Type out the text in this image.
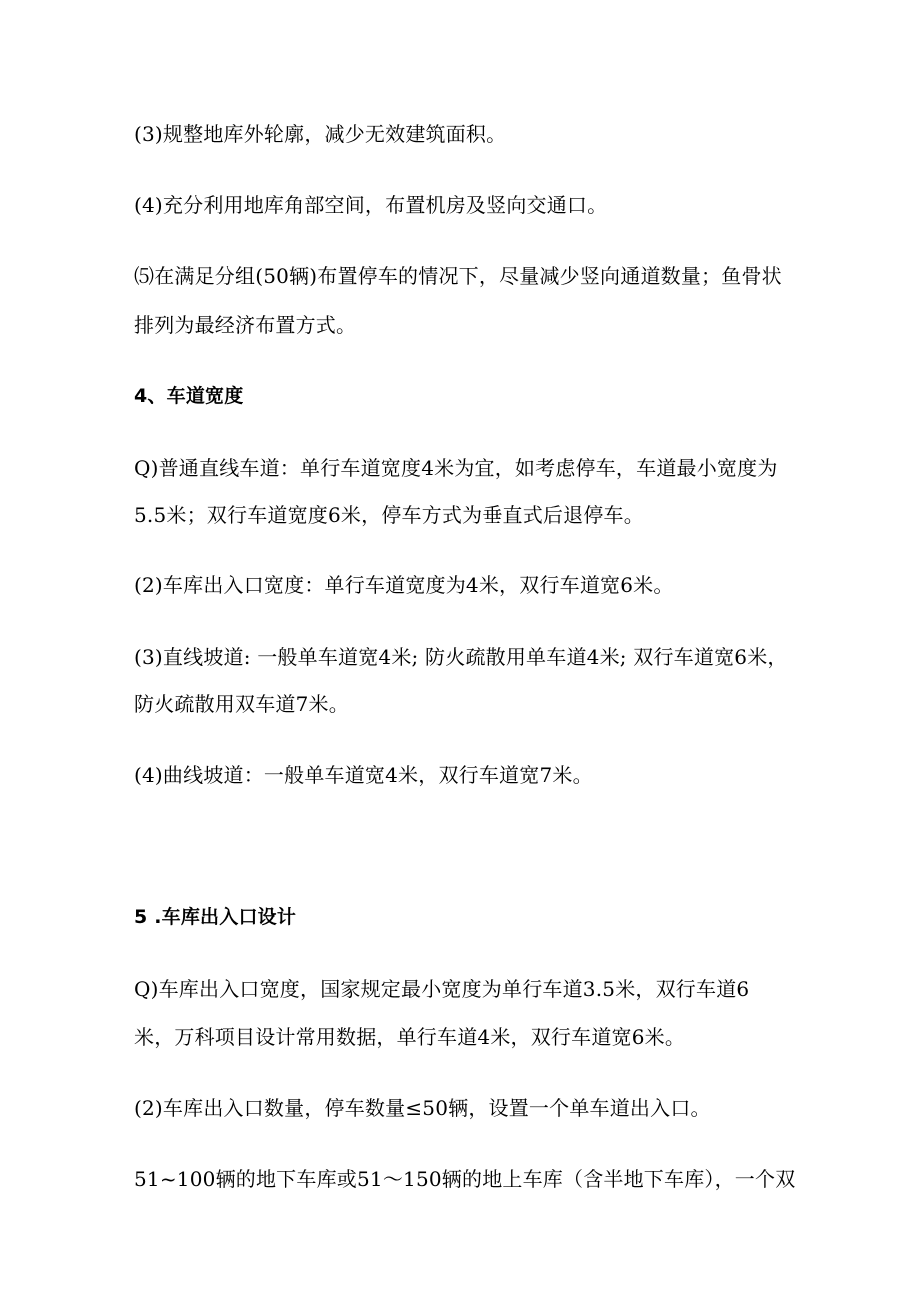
(3)规整地库外轮廓，减少无效建筑面积。
(4)充分利用地库角部空间，布置机房及竖向交通口。
⑸在满足分组(50辆)布置停车的情况下，尽量减少竖向通道数量；鱼骨状
排列为最经济布置方式。
4、车道宽度
Q)普通直线车道：单行车道宽度4米为宜，如考虑停车，车道最小宽度为
5.5米；双行车道宽度6米，停车方式为垂直式后退停车。
(2)车库出入口宽度：单行车道宽度为4米，双行车道宽6米。
(3)直线坡道: 一般单车道宽4米; 防火疏散用单车道4米; 双行车道宽6米，
防火疏散用双车道7米。
(4)曲线坡道：一般单车道宽4米，双行车道宽7米。
5 .车库出入口设计
Q)车库出入口宽度，国家规定最小宽度为单行车道3.5米，双行车道6
米，万科项目设计常用数据，单行车道4米，双行车道宽6米。
(2)车库出入口数量，停车数量≤50辆，设置一个单车道出入口。
51~100辆的地下车库或51～150辆的地上车库（含半地下车库），一个双
